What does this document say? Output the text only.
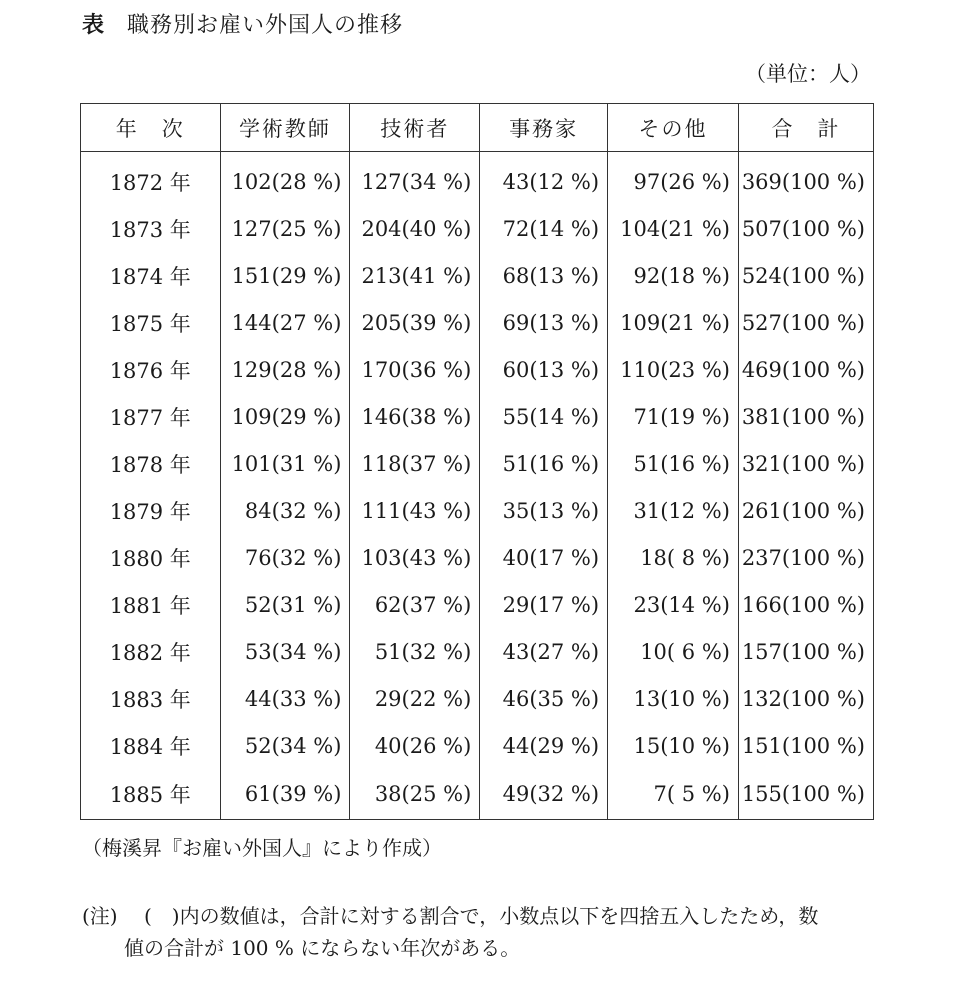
表 職務別お雇い外国人の推移
（単位：人）
年　次	学術教師	技術者	事務家	その他	合　計
1872 年	102(28 %)	127(34 %)	43(12 %)	97(26 %)	369(100 %)
1873 年	127(25 %)	204(40 %)	72(14 %)	104(21 %)	507(100 %)
1874 年	151(29 %)	213(41 %)	68(13 %)	92(18 %)	524(100 %)
1875 年	144(27 %)	205(39 %)	69(13 %)	109(21 %)	527(100 %)
1876 年	129(28 %)	170(36 %)	60(13 %)	110(23 %)	469(100 %)
1877 年	109(29 %)	146(38 %)	55(14 %)	71(19 %)	381(100 %)
1878 年	101(31 %)	118(37 %)	51(16 %)	51(16 %)	321(100 %)
1879 年	84(32 %)	111(43 %)	35(13 %)	31(12 %)	261(100 %)
1880 年	76(32 %)	103(43 %)	40(17 %)	18( 8 %)	237(100 %)
1881 年	52(31 %)	62(37 %)	29(17 %)	23(14 %)	166(100 %)
1882 年	53(34 %)	51(32 %)	43(27 %)	10( 6 %)	157(100 %)
1883 年	44(33 %)	29(22 %)	46(35 %)	13(10 %)	132(100 %)
1884 年	52(34 %)	40(26 %)	44(29 %)	15(10 %)	151(100 %)
1885 年	61(39 %)	38(25 %)	49(32 %)	7( 5 %)	155(100 %)
（梅溪昇『お雇い外国人』により作成）
(注) (　)内の数値は，合計に対する割合で，小数点以下を四捨五入したため，数
値の合計が 100 % にならない年次がある。
